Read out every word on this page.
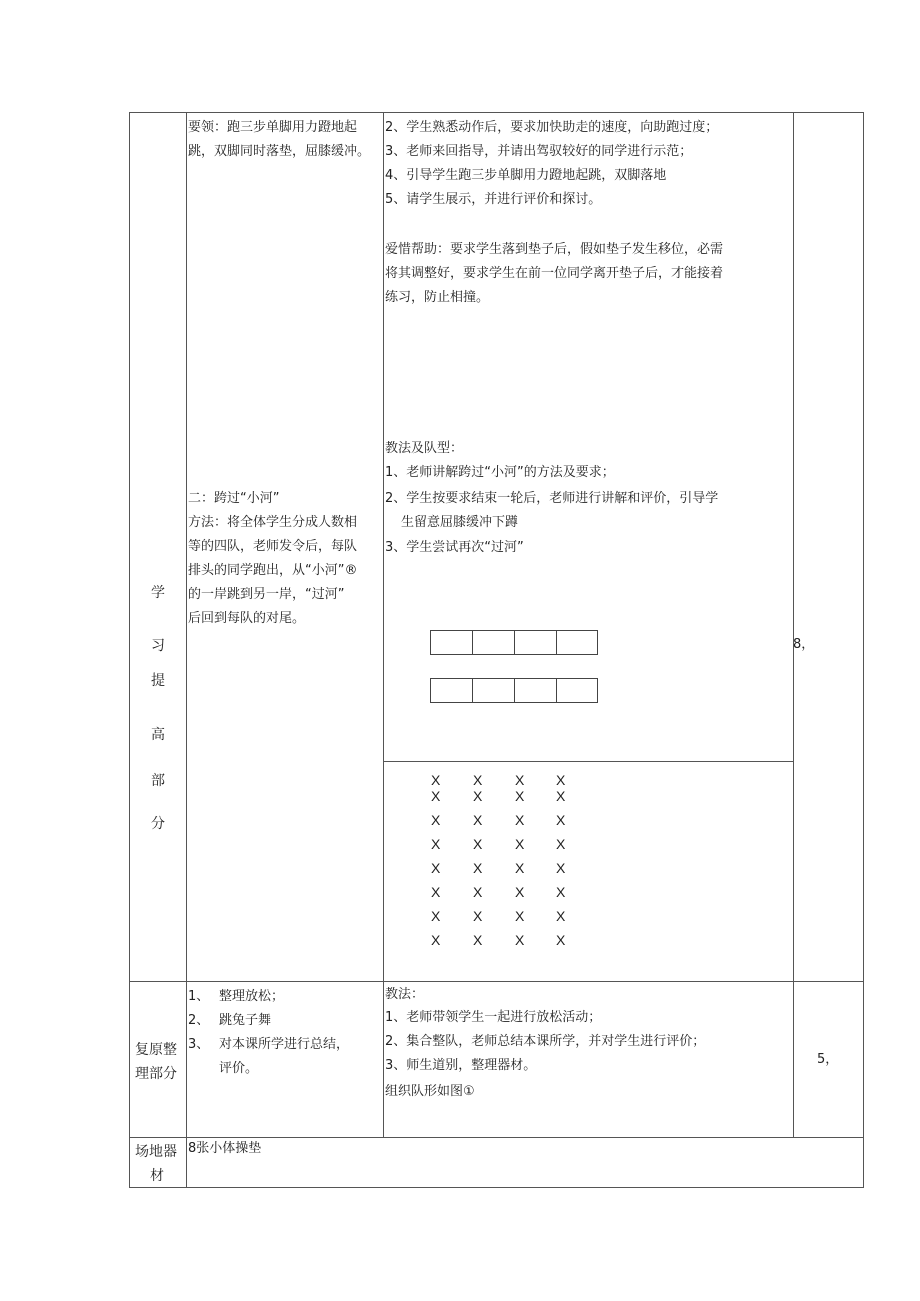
学
习
提
高
部
分
要领：跑三步单脚用力蹬地起
跳，双脚同时落垫，屈膝缓冲。
二：跨过“小河”
方法：将全体学生分成人数相
等的四队，老师发令后，每队
排头的同学跑出，从“小河”®
的一岸跳到另一岸，“过河”
后回到每队的对尾。
2、学生熟悉动作后，要求加快助走的速度，向助跑过度；
3、老师来回指导，并请出驾驭较好的同学进行示范；
4、引导学生跑三步单脚用力蹬地起跳，双脚落地
5、请学生展示，并进行评价和探讨。
爱惜帮助：要求学生落到垫子后，假如垫子发生移位，必需
将其调整好，要求学生在前一位同学离开垫子后，才能接着
练习，防止相撞。
教法及队型：
1、老师讲解跨过“小河”的方法及要求；
2、学生按要求结束一轮后，老师进行讲解和评价，引导学
生留意屈膝缓冲下蹲
3、学生尝试再次“过河”
X X X X
X X X X
X X X X
X X X X
X X X X
X X X X
X X X X
X X X X
8，
复原整
理部分
1、 整理放松；
2、 跳兔子舞
3、 对本课所学进行总结，
评价。
教法：
1、老师带领学生一起进行放松活动；
2、集合整队，老师总结本课所学，并对学生进行评价；
3、师生道别，整理器材。
组织队形如图①
5，
场地器
材
8张小体操垫
